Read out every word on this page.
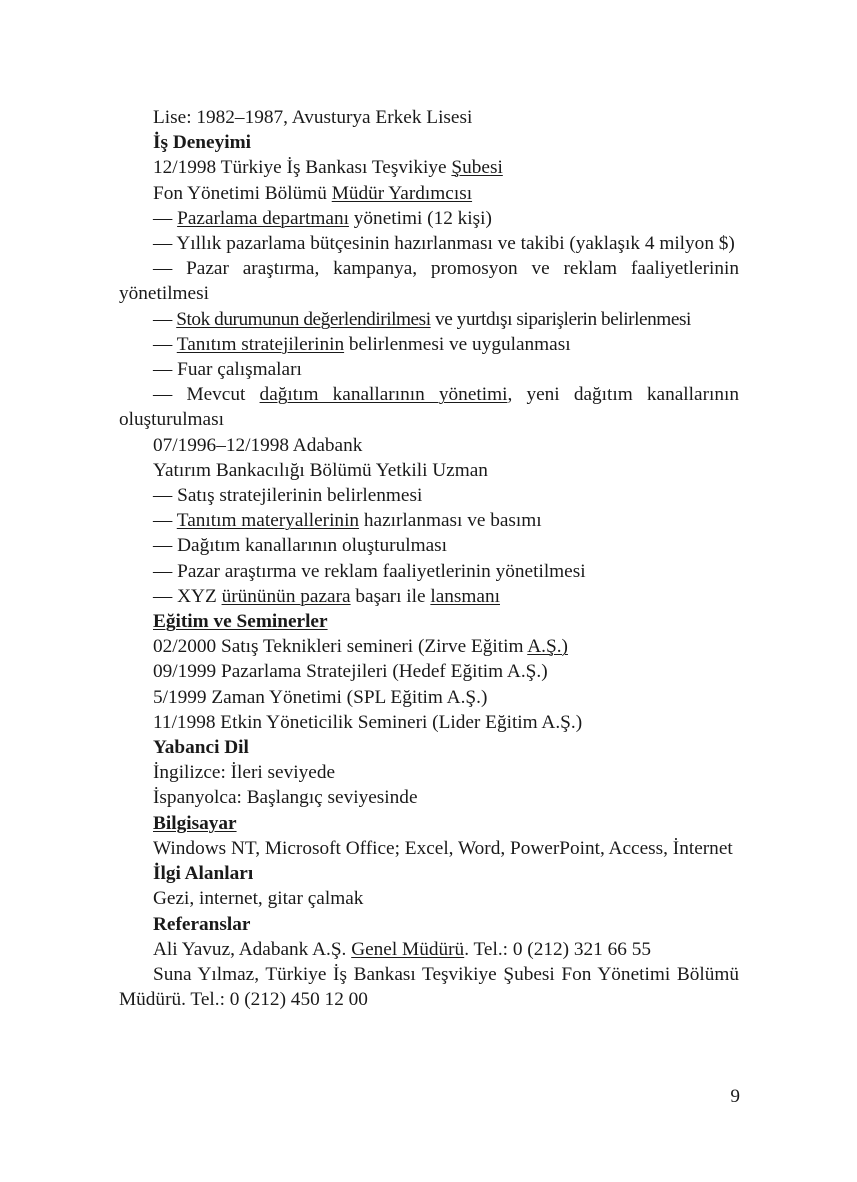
Lise: 1982–1987, Avusturya Erkek Lisesi

İş Deneyimi

12/1998 Türkiye İş Bankası Teşvikiye Şubesi

Fon Yönetimi Bölümü Müdür Yardımcısı

— Pazarlama departmanı yönetimi (12 kişi)

— Yıllık pazarlama bütçesinin hazırlanması ve takibi (yaklaşık 4 milyon $)

— Pazar araştırma, kampanya, promosyon ve reklam faaliyetlerinin yönetilmesi

— Stok durumunun değerlendirilmesi ve yurtdışı siparişlerin belirlenmesi

— Tanıtım stratejilerinin belirlenmesi ve uygulanması

— Fuar çalışmaları

— Mevcut dağıtım kanallarının yönetimi, yeni dağıtım kanallarının oluşturulması

07/1996–12/1998 Adabank

Yatırım Bankacılığı Bölümü Yetkili Uzman

— Satış stratejilerinin belirlenmesi

— Tanıtım materyallerinin hazırlanması ve basımı

— Dağıtım kanallarının oluşturulması

— Pazar araştırma ve reklam faaliyetlerinin yönetilmesi

— XYZ ürününün pazara başarı ile lansmanı

Eğitim ve Seminerler

02/2000 Satış Teknikleri semineri (Zirve Eğitim A.Ş.)

09/1999 Pazarlama Stratejileri (Hedef Eğitim A.Ş.)

5/1999 Zaman Yönetimi (SPL Eğitim A.Ş.)

11/1998 Etkin Yöneticilik Semineri (Lider Eğitim A.Ş.)

Yabanci Dil

İngilizce: İleri seviyede

İspanyolca: Başlangıç seviyesinde

Bilgisayar

Windows NT, Microsoft Office; Excel, Word, PowerPoint, Access, İnternet

İlgi Alanları

Gezi, internet, gitar çalmak

Referanslar

Ali Yavuz, Adabank A.Ş. Genel Müdürü. Tel.: 0 (212) 321 66 55

Suna Yılmaz, Türkiye İş Bankası Teşvikiye Şubesi Fon Yönetimi Bölümü Müdürü. Tel.: 0 (212) 450 12 00

9
